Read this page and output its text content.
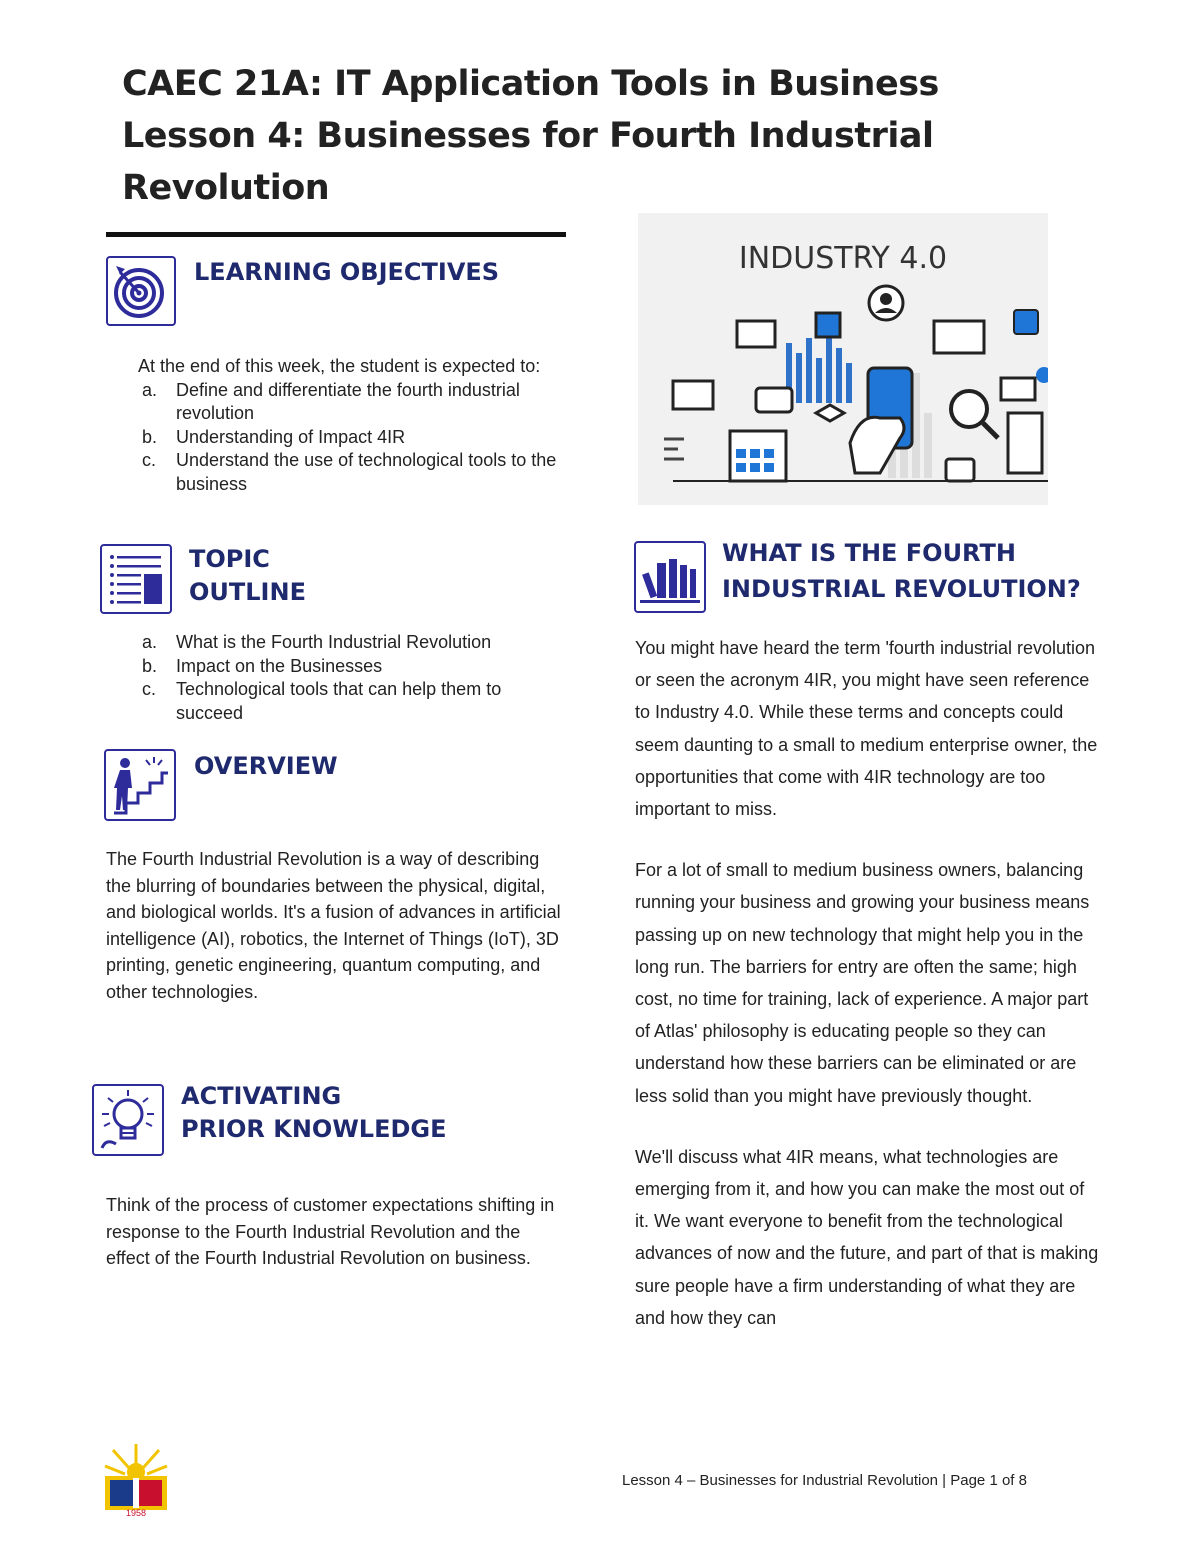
CAEC 21A: IT Application Tools in Business
Lesson 4: Businesses for Fourth Industrial
Revolution
LEARNING OBJECTIVES
At the end of this week, the student is expected to:
a. Define and differentiate the fourth industrial revolution
b. Understanding of Impact 4IR
c. Understand the use of technological tools to the business
TOPIC
OUTLINE
a. What is the Fourth Industrial Revolution
b. Impact on the Businesses
c. Technological tools that can help them to succeed
OVERVIEW
The Fourth Industrial Revolution is a way of describing the blurring of boundaries between the physical, digital, and biological worlds. It's a fusion of advances in artificial intelligence (AI), robotics, the Internet of Things (IoT), 3D printing, genetic engineering, quantum computing, and other technologies.
ACTIVATING
PRIOR KNOWLEDGE
Think of the process of customer expectations shifting in response to the Fourth Industrial Revolution and the effect of the Fourth Industrial Revolution on business.
INDUSTRY 4.0
WHAT IS THE FOURTH
INDUSTRIAL REVOLUTION?

You might have heard the term 'fourth industrial revolution or seen the acronym 4IR, you might have seen reference to Industry 4.0. While these terms and concepts could seem daunting to a small to medium enterprise owner, the opportunities that come with 4IR technology are too important to miss.

For a lot of small to medium business owners, balancing running your business and growing your business means passing up on new technology that might help you in the long run. The barriers for entry are often the same; high cost, no time for training, lack of experience. A major part of Atlas' philosophy is educating people so they can understand how these barriers can be eliminated or are less solid than you might have previously thought.

We'll discuss what 4IR means, what technologies are emerging from it, and how you can make the most out of it. We want everyone to benefit from the technological advances of now and the future, and part of that is making sure people have a firm understanding of what they are and how they can

1958
Lesson 4 – Businesses for Industrial Revolution | Page 1 of 8
